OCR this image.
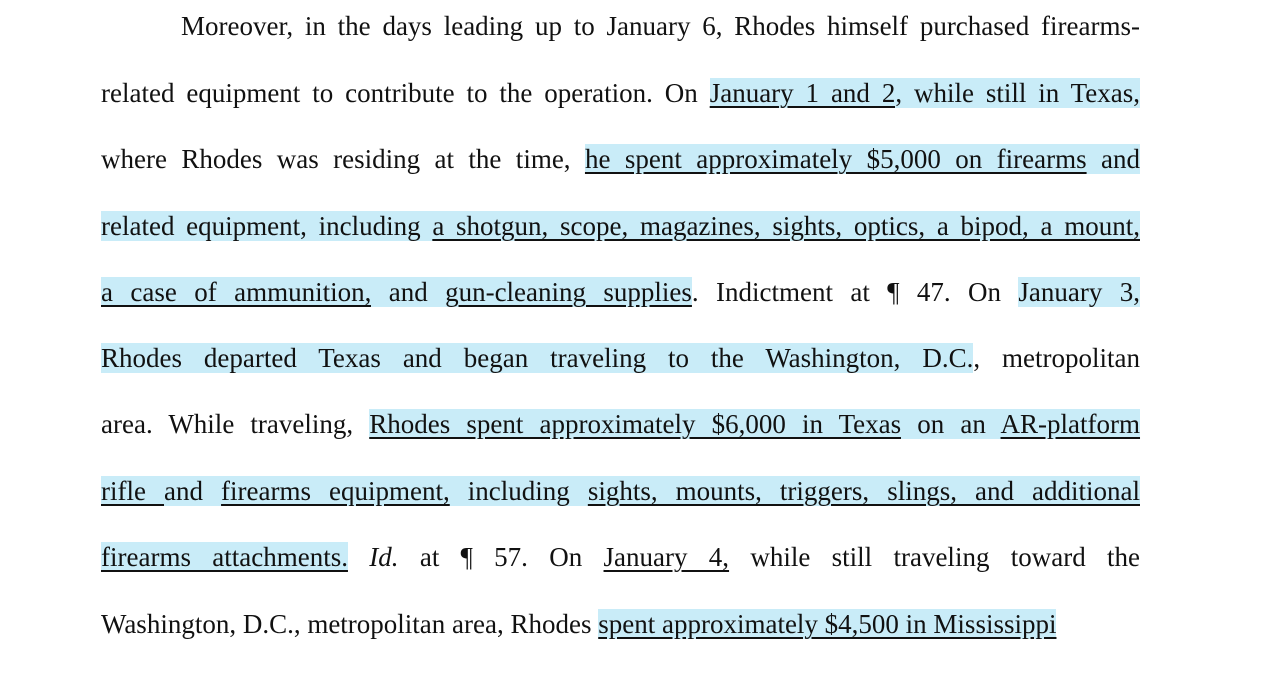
Moreover, in the days leading up to January 6, Rhodes himself purchased firearms-
related equipment to contribute to the operation. On January 1 and 2, while still in Texas,
where Rhodes was residing at the time, he spent approximately $5,000 on firearms and
related equipment, including a shotgun, scope, magazines, sights, optics, a bipod, a mount,
a case of ammunition, and gun-cleaning supplies. Indictment at ¶ 47. On January 3,
Rhodes departed Texas and began traveling to the Washington, D.C., metropolitan
area. While traveling, Rhodes spent approximately $6,000 in Texas on an AR-platform
rifle and firearms equipment, including sights, mounts, triggers, slings, and additional
firearms attachments. Id. at ¶ 57. On January 4, while still traveling toward the
Washington, D.C., metropolitan area, Rhodes spent approximately $4,500 in Mississippi
